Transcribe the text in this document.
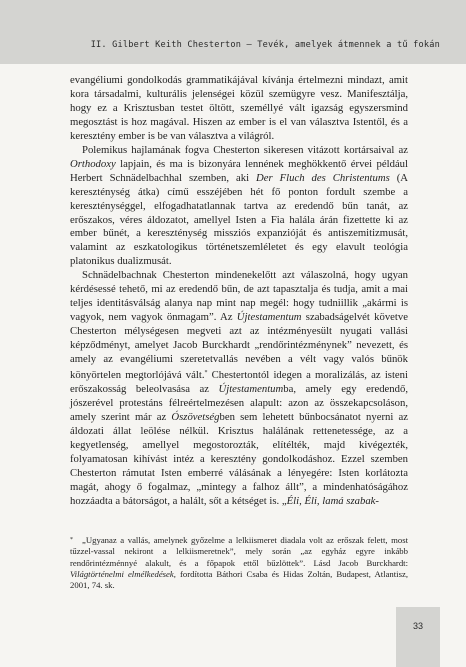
II. Gilbert Keith Chesterton – Tevék, amelyek átmennek a tű fokán

evangéliumi gondolkodás grammatikájával kívánja értelmezni mindazt, amit kora társadalmi, kulturális jelenségei közül szemügyre vesz. Manifesztálja, hogy ez a Krisztusban testet öltött, személlyé vált igazság egyszersmind megosztást is hoz magával. Hiszen az ember is el van választva Istentől, és a keresztény ember is be van választva a világról.

Polemikus hajlamának fogva Chesterton sikeresen vitázott kortársaival az Orthodoxy lapjain, és ma is bizonyára lennének meghökkentő érvei például Herbert Schnädelbachhal szemben, aki Der Fluch des Christentums (A kereszténység átka) című esszéjében hét fő ponton fordult szembe a kereszténységgel, elfogadhatatlannak tartva az eredendő bűn tanát, az erőszakos, véres áldozatot, amellyel Isten a Fia halála árán fizettette ki az ember bűnét, a kereszténység missziós expanzióját és antiszemitizmusát, valamint az eszkatologikus történetszemléletet és egy elavult teológia platonikus dualizmusát.

Schnädelbachnak Chesterton mindenekelőtt azt válaszolná, hogy ugyan kérdésessé tehető, mi az eredendő bűn, de azt tapasztalja és tudja, amit a mai teljes identitásválság alanya nap mint nap megél: hogy tudniillik „akármi is vagyok, nem vagyok önmagam”. Az Újtestamentum szabadságelvét követve Chesterton mélységesen megveti azt az intézményesült nyugati vallási képződményt, amelyet Jacob Burckhardt „rendőrintézménynek” nevezett, és amely az evangéliumi szeretetvallás nevében a vélt vagy valós bűnök könyörtelen megtorlójává vált.* Chestertontól idegen a moralizálás, az isteni erőszakosság beleolvasása az Újtestamentumba, amely egy eredendő, jószerével protestáns félreértelmezésen alapult: azon az összekapcsoláson, amely szerint már az Ószövetségben sem lehetett bűnbocsánatot nyerni az áldozati állat leölése nélkül. Krisztus halálának rettenetessége, az a kegyetlenség, amellyel megostorozták, elítélték, majd kivégezték, folyamatosan kihívást intéz a keresztény gondolkodáshoz. Ezzel szemben Chesterton rámutat Isten emberré válásának a lényegére: Isten korlátozta magát, ahogy ő fogalmaz, „mintegy a falhoz állt”, a mindenhatóságához hozzáadta a bátorságot, a halált, sőt a kétséget is. „Éli, Éli, lamá szabak-

*	„Ugyanaz a vallás, amelynek győzelme a lelkiismeret diadala volt az erőszak felett, most tűzzel-vassal nekiront a lelkiismeretnek”, mely során „az egyház egyre inkább rendőrintézménnyé alakult, és a főpapok ettől bűzlöttek”. Lásd Jacob Burckhardt: Világtörténelmi elmélkedések, fordította Báthori Csaba és Hidas Zoltán, Budapest, Atlantisz, 2001, 74. sk.

33
